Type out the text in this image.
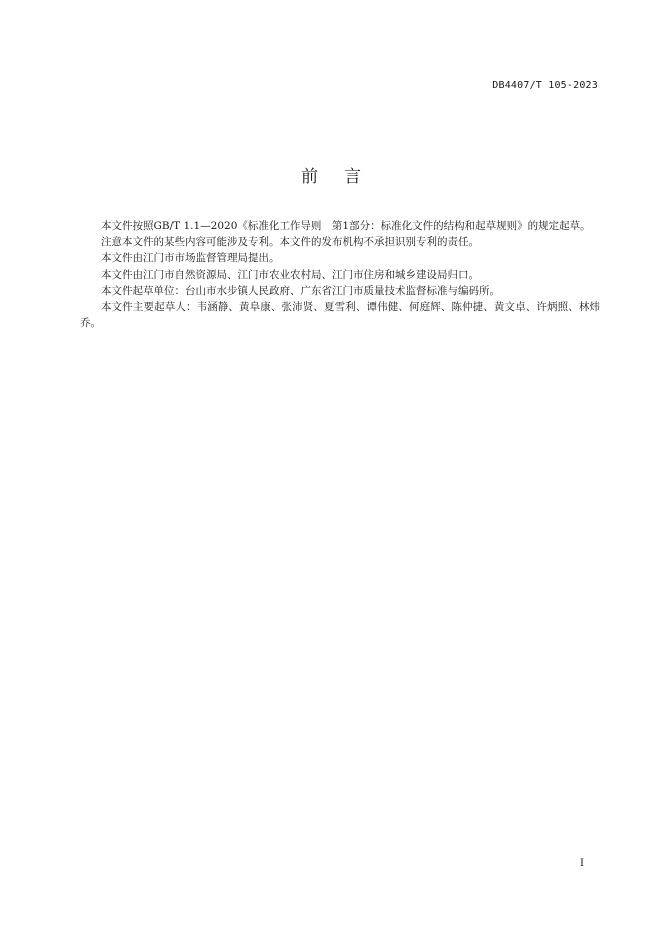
DB4407/T 105-2023
前言

本文件按照GB/T 1.1—2020《标准化工作导则　第1部分：标准化文件的结构和起草规则》的规定起草。

注意本文件的某些内容可能涉及专利。本文件的发布机构不承担识别专利的责任。

本文件由江门市市场监督管理局提出。

本文件由江门市自然资源局、江门市农业农村局、江门市住房和城乡建设局归口。

本文件起草单位：台山市水步镇人民政府、广东省江门市质量技术监督标准与编码所。

本文件主要起草人：韦涵静、黄阜康、张沛贤、夏雪利、谭伟健、何庭辉、陈仲捷、黄文卓、许炳照、林炜乔。

I
